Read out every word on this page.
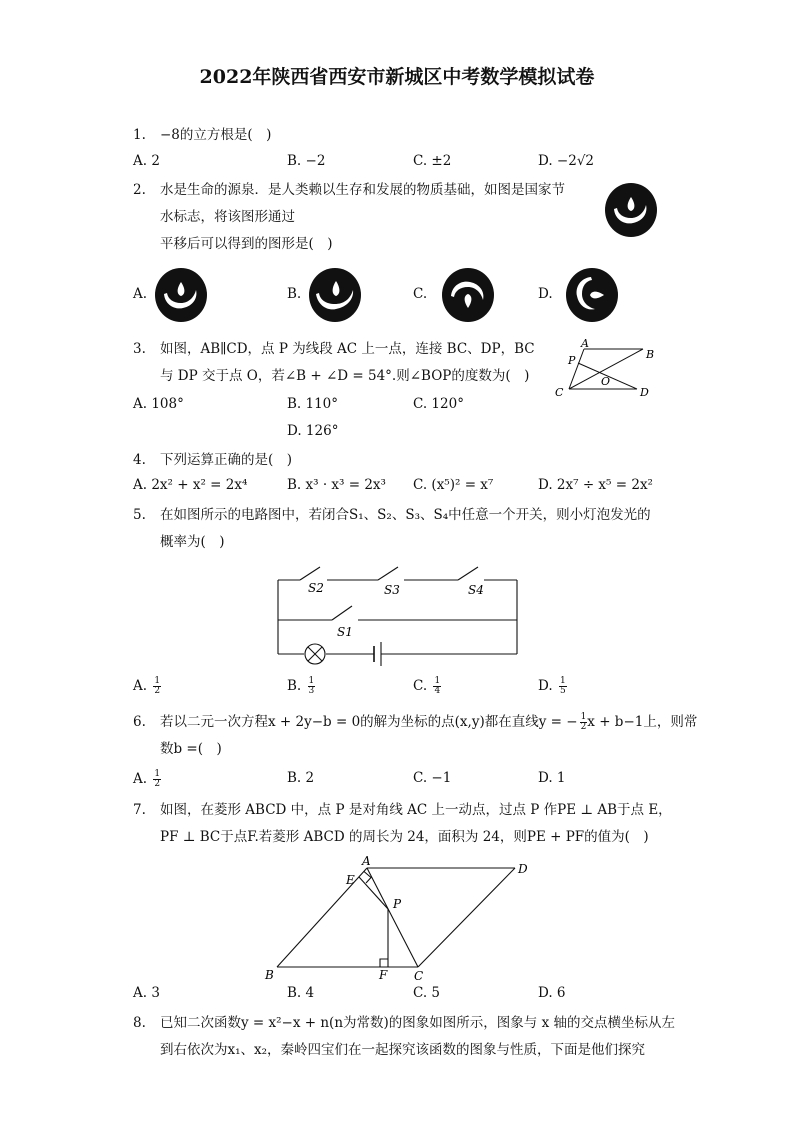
2022年陕西省西安市新城区中考数学模拟试卷
1. −8的立方根是(　)
A. 2	B. −2	C. ±2	D. −2√2
2. 水是生命的源泉．是人类赖以生存和发展的物质基础，如图是国家节
水标志，将该图形通过
平移后可以得到的图形是(　)
A.	B.	C.	D.
3. 如图，AB∥CD，点 P 为线段 AC 上一点，连接 BC、DP，BC
与 DP 交于点 O，若∠B + ∠D = 54°.则∠BOP的度数为(　)
A. 108°	B. 110°	C. 120°
D. 126°
A
B
P
O
C	D
4. 下列运算正确的是(　)
A. 2x² + x² = 2x⁴	B. x³ · x³ = 2x³ C. (x⁵)² = x⁷	D. 2x⁷ ÷ x⁵ = 2x²
5. 在如图所示的电路图中，若闭合S₁、S₂、S₃、S₄中任意一个开关，则小灯泡发光的
概率为(　)
S2	S3	S4
S1
A. $\frac{1}{2}$	B. $\frac{1}{3}$	C. $\frac{1}{4}$	D. $\frac{1}{5}$
6. 若以二元一次方程x + 2y−b = 0的解为坐标的点(x,y)都在直线y = − $\frac{1}{2}$ x + b−1上，则常
数b =(　)
A. $\frac{1}{2}$	B. 2	C. −1	D. 1
7. 如图，在菱形 ABCD 中，点 P 是对角线 AC 上一动点，过点 P 作PE ⊥ AB于点 E，
PF ⊥ BC于点F.若菱形 ABCD 的周长为 24，面积为 24，则PE + PF的值为(　)
A
D
E
P
B	F C
A. 3	B. 4	C. 5	D. 6
8. 已知二次函数y = x²−x + n(n为常数)的图象如图所示，图象与 x 轴的交点横坐标从左
到右依次为x₁、x₂，秦岭四宝们在一起探究该函数的图象与性质，下面是他们探究
